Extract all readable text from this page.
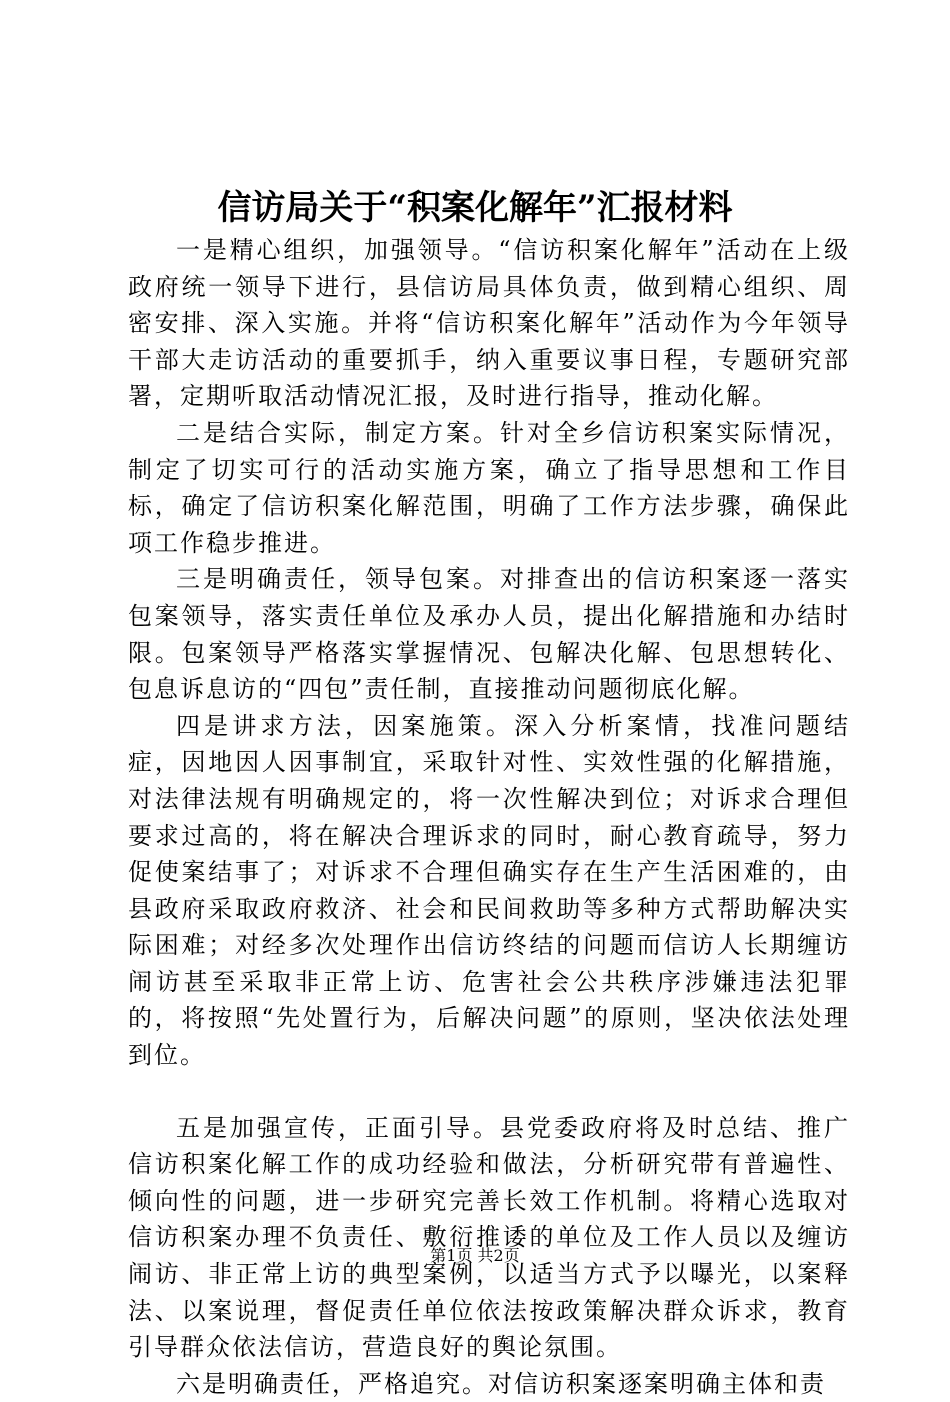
信访局关于“积案化解年”汇报材料

一是精心组织，加强领导。“信访积案化解年”活动在上级政府统一领导下进行，县信访局具体负责，做到精心组织、周密安排、深入实施。并将“信访积案化解年”活动作为今年领导干部大走访活动的重要抓手，纳入重要议事日程，专题研究部署，定期听取活动情况汇报，及时进行指导，推动化解。

二是结合实际，制定方案。针对全乡信访积案实际情况，制定了切实可行的活动实施方案，确立了指导思想和工作目标，确定了信访积案化解范围，明确了工作方法步骤，确保此项工作稳步推进。

三是明确责任，领导包案。对排查出的信访积案逐一落实包案领导，落实责任单位及承办人员，提出化解措施和办结时限。包案领导严格落实掌握情况、包解决化解、包思想转化、包息诉息访的“四包”责任制，直接推动问题彻底化解。

四是讲求方法，因案施策。深入分析案情，找准问题结症，因地因人因事制宜，采取针对性、实效性强的化解措施，对法律法规有明确规定的，将一次性解决到位；对诉求合理但要求过高的，将在解决合理诉求的同时，耐心教育疏导，努力促使案结事了；对诉求不合理但确实存在生产生活困难的，由县政府采取政府救济、社会和民间救助等多种方式帮助解决实际困难；对经多次处理作出信访终结的问题而信访人长期缠访闹访甚至采取非正常上访、危害社会公共秩序涉嫌违法犯罪的，将按照“先处置行为，后解决问题”的原则，坚决依法处理到位。

五是加强宣传，正面引导。县党委政府将及时总结、推广信访积案化解工作的成功经验和做法，分析研究带有普遍性、倾向性的问题，进一步研究完善长效工作机制。将精心选取对信访积案办理不负责任、敷衍推诿的单位及工作人员以及缠访闹访、非正常上访的典型案例，以适当方式予以曝光，以案释法、以案说理，督促责任单位依法按政策解决群众诉求，教育引导群众依法信访，营造良好的舆论氛围。

六是明确责任，严格追究。对信访积案逐案明确主体和责

第1页 共2页
